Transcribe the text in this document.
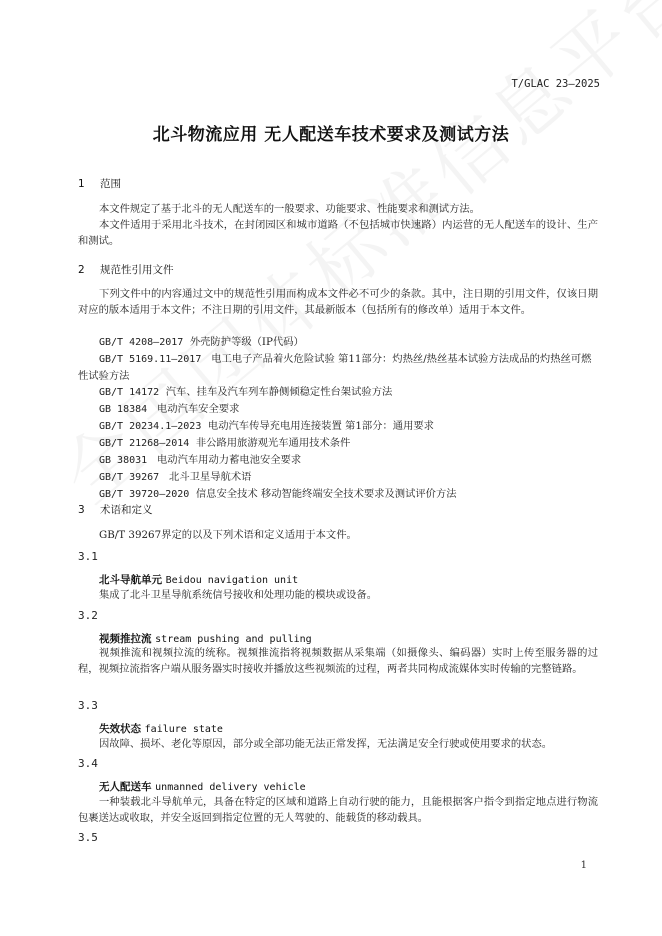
T/GLAC 23—2025
北斗物流应用 无人配送车技术要求及测试方法
1 范围

本文件规定了基于北斗的无人配送车的一般要求、功能要求、性能要求和测试方法。

本文件适用于采用北斗技术，在封闭园区和城市道路（不包括城市快速路）内运营的无人配送车的设计、生产和测试。

2 规范性引用文件

下列文件中的内容通过文中的规范性引用而构成本文件必不可少的条款。其中，注日期的引用文件，仅该日期对应的版本适用于本文件；不注日期的引用文件，其最新版本（包括所有的修改单）适用于本文件。

GB/T 4208—2017 外壳防护等级（IP代码）
GB/T 5169.11—2017 电工电子产品着火危险试验 第11部分：灼热丝/热丝基本试验方法成品的灼热丝可燃性试验方法
GB/T 14172 汽车、挂车及汽车列车静侧倾稳定性台架试验方法
GB 18384 电动汽车安全要求
GB/T 20234.1—2023 电动汽车传导充电用连接装置 第1部分：通用要求
GB/T 21268—2014 非公路用旅游观光车通用技术条件
GB 38031 电动汽车用动力蓄电池安全要求
GB/T 39267 北斗卫星导航术语
GB/T 39720—2020 信息安全技术 移动智能终端安全技术要求及测试评价方法
3 术语和定义

GB/T 39267界定的以及下列术语和定义适用于本文件。

3.1
北斗导航单元 Beidou navigation unit

集成了北斗卫星导航系统信号接收和处理功能的模块或设备。

3.2
视频推拉流 stream pushing and pulling

视频推流和视频拉流的统称。视频推流指将视频数据从采集端（如摄像头、编码器）实时上传至服务器的过程，视频拉流指客户端从服务器实时接收并播放这些视频流的过程，两者共同构成流媒体实时传输的完整链路。

3.3
失效状态 failure state

因故障、损坏、老化等原因，部分或全部功能无法正常发挥，无法满足安全行驶或使用要求的状态。

3.4
无人配送车 unmanned delivery vehicle

一种装载北斗导航单元，具备在特定的区域和道路上自动行驶的能力，且能根据客户指令到指定地点进行物流包裹送达或收取，并安全返回到指定位置的无人驾驶的、能载货的移动载具。

3.5
1
